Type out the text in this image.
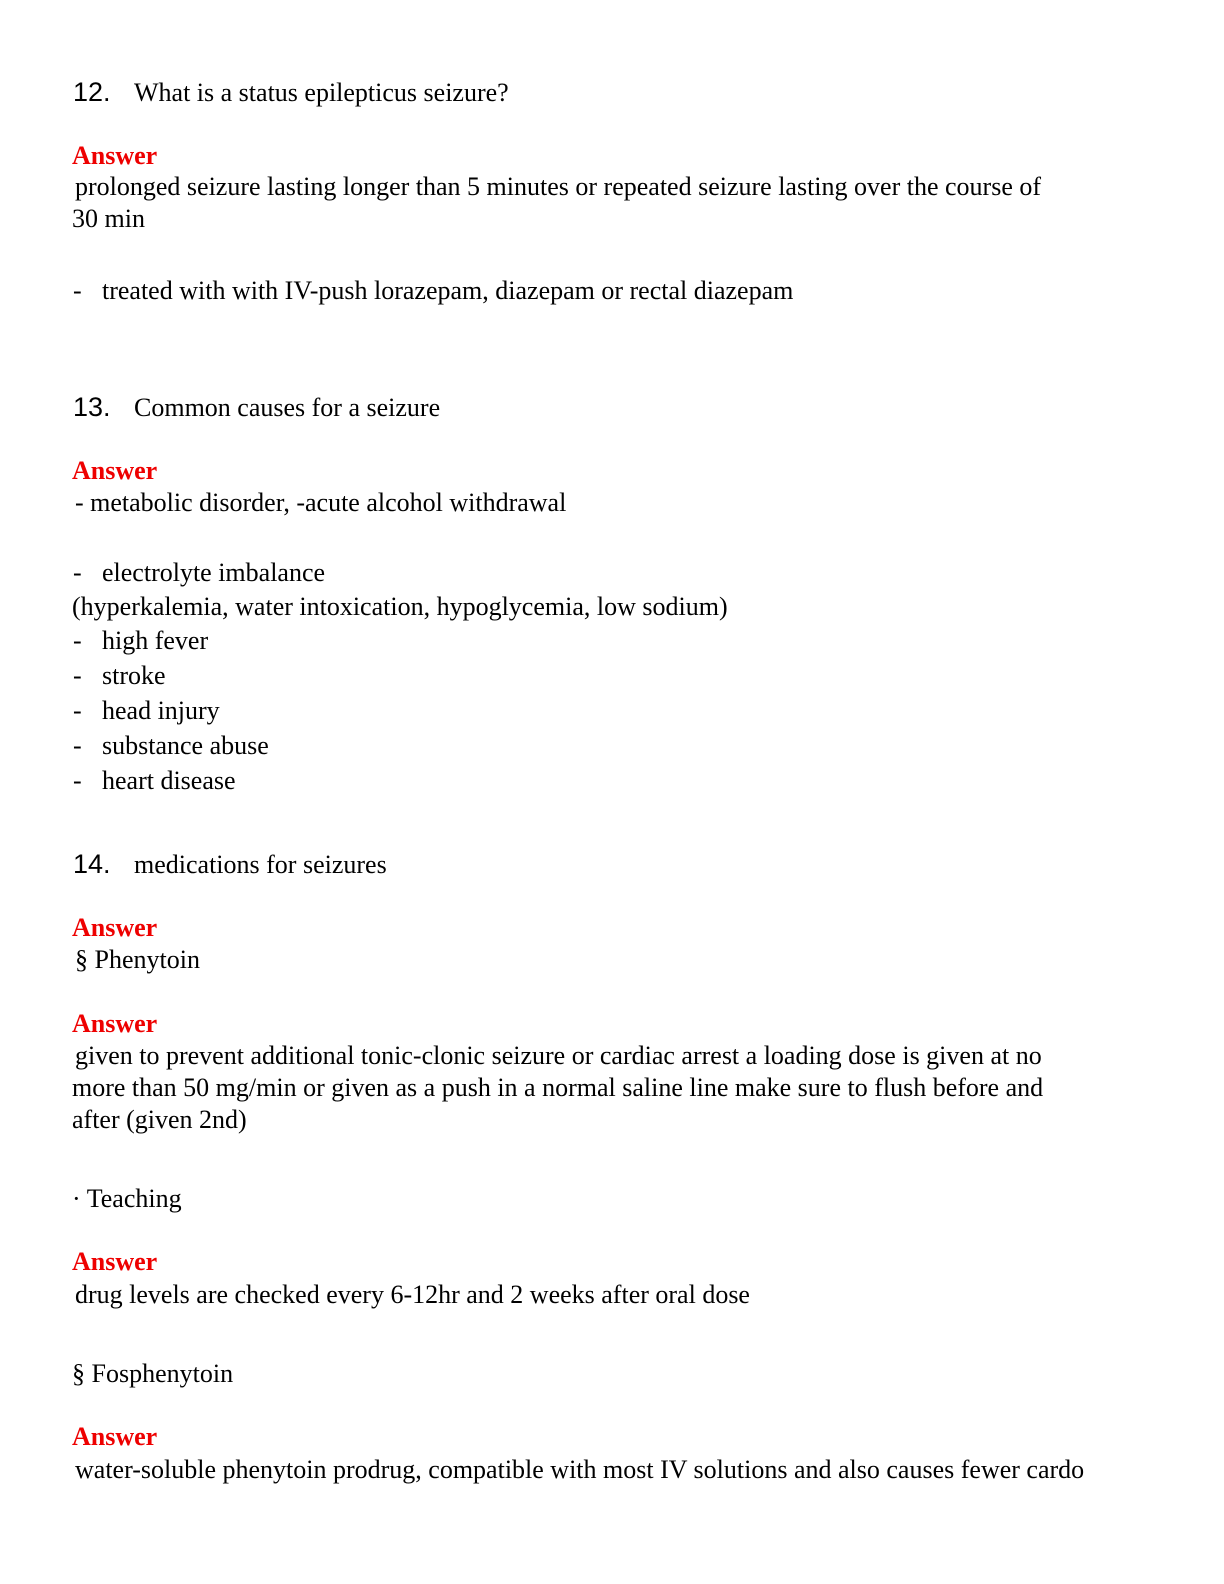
12. What is a status epilepticus seizure?
Answer
prolonged seizure lasting longer than 5 minutes or repeated seizure lasting over the course of
30 min
- treated with with IV-push lorazepam, diazepam or rectal diazepam
13. Common causes for a seizure
Answer
- metabolic disorder, -acute alcohol withdrawal
- electrolyte imbalance
(hyperkalemia, water intoxication, hypoglycemia, low sodium)
- high fever
- stroke
- head injury
- substance abuse
- heart disease
14. medications for seizures
Answer
§ Phenytoin
Answer
given to prevent additional tonic-clonic seizure or cardiac arrest a loading dose is given at no
more than 50 mg/min or given as a push in a normal saline line make sure to flush before and
after (given 2nd)
· Teaching
Answer
drug levels are checked every 6-12hr and 2 weeks after oral dose
§ Fosphenytoin
Answer
water-soluble phenytoin prodrug, compatible with most IV solutions and also causes fewer cardo
